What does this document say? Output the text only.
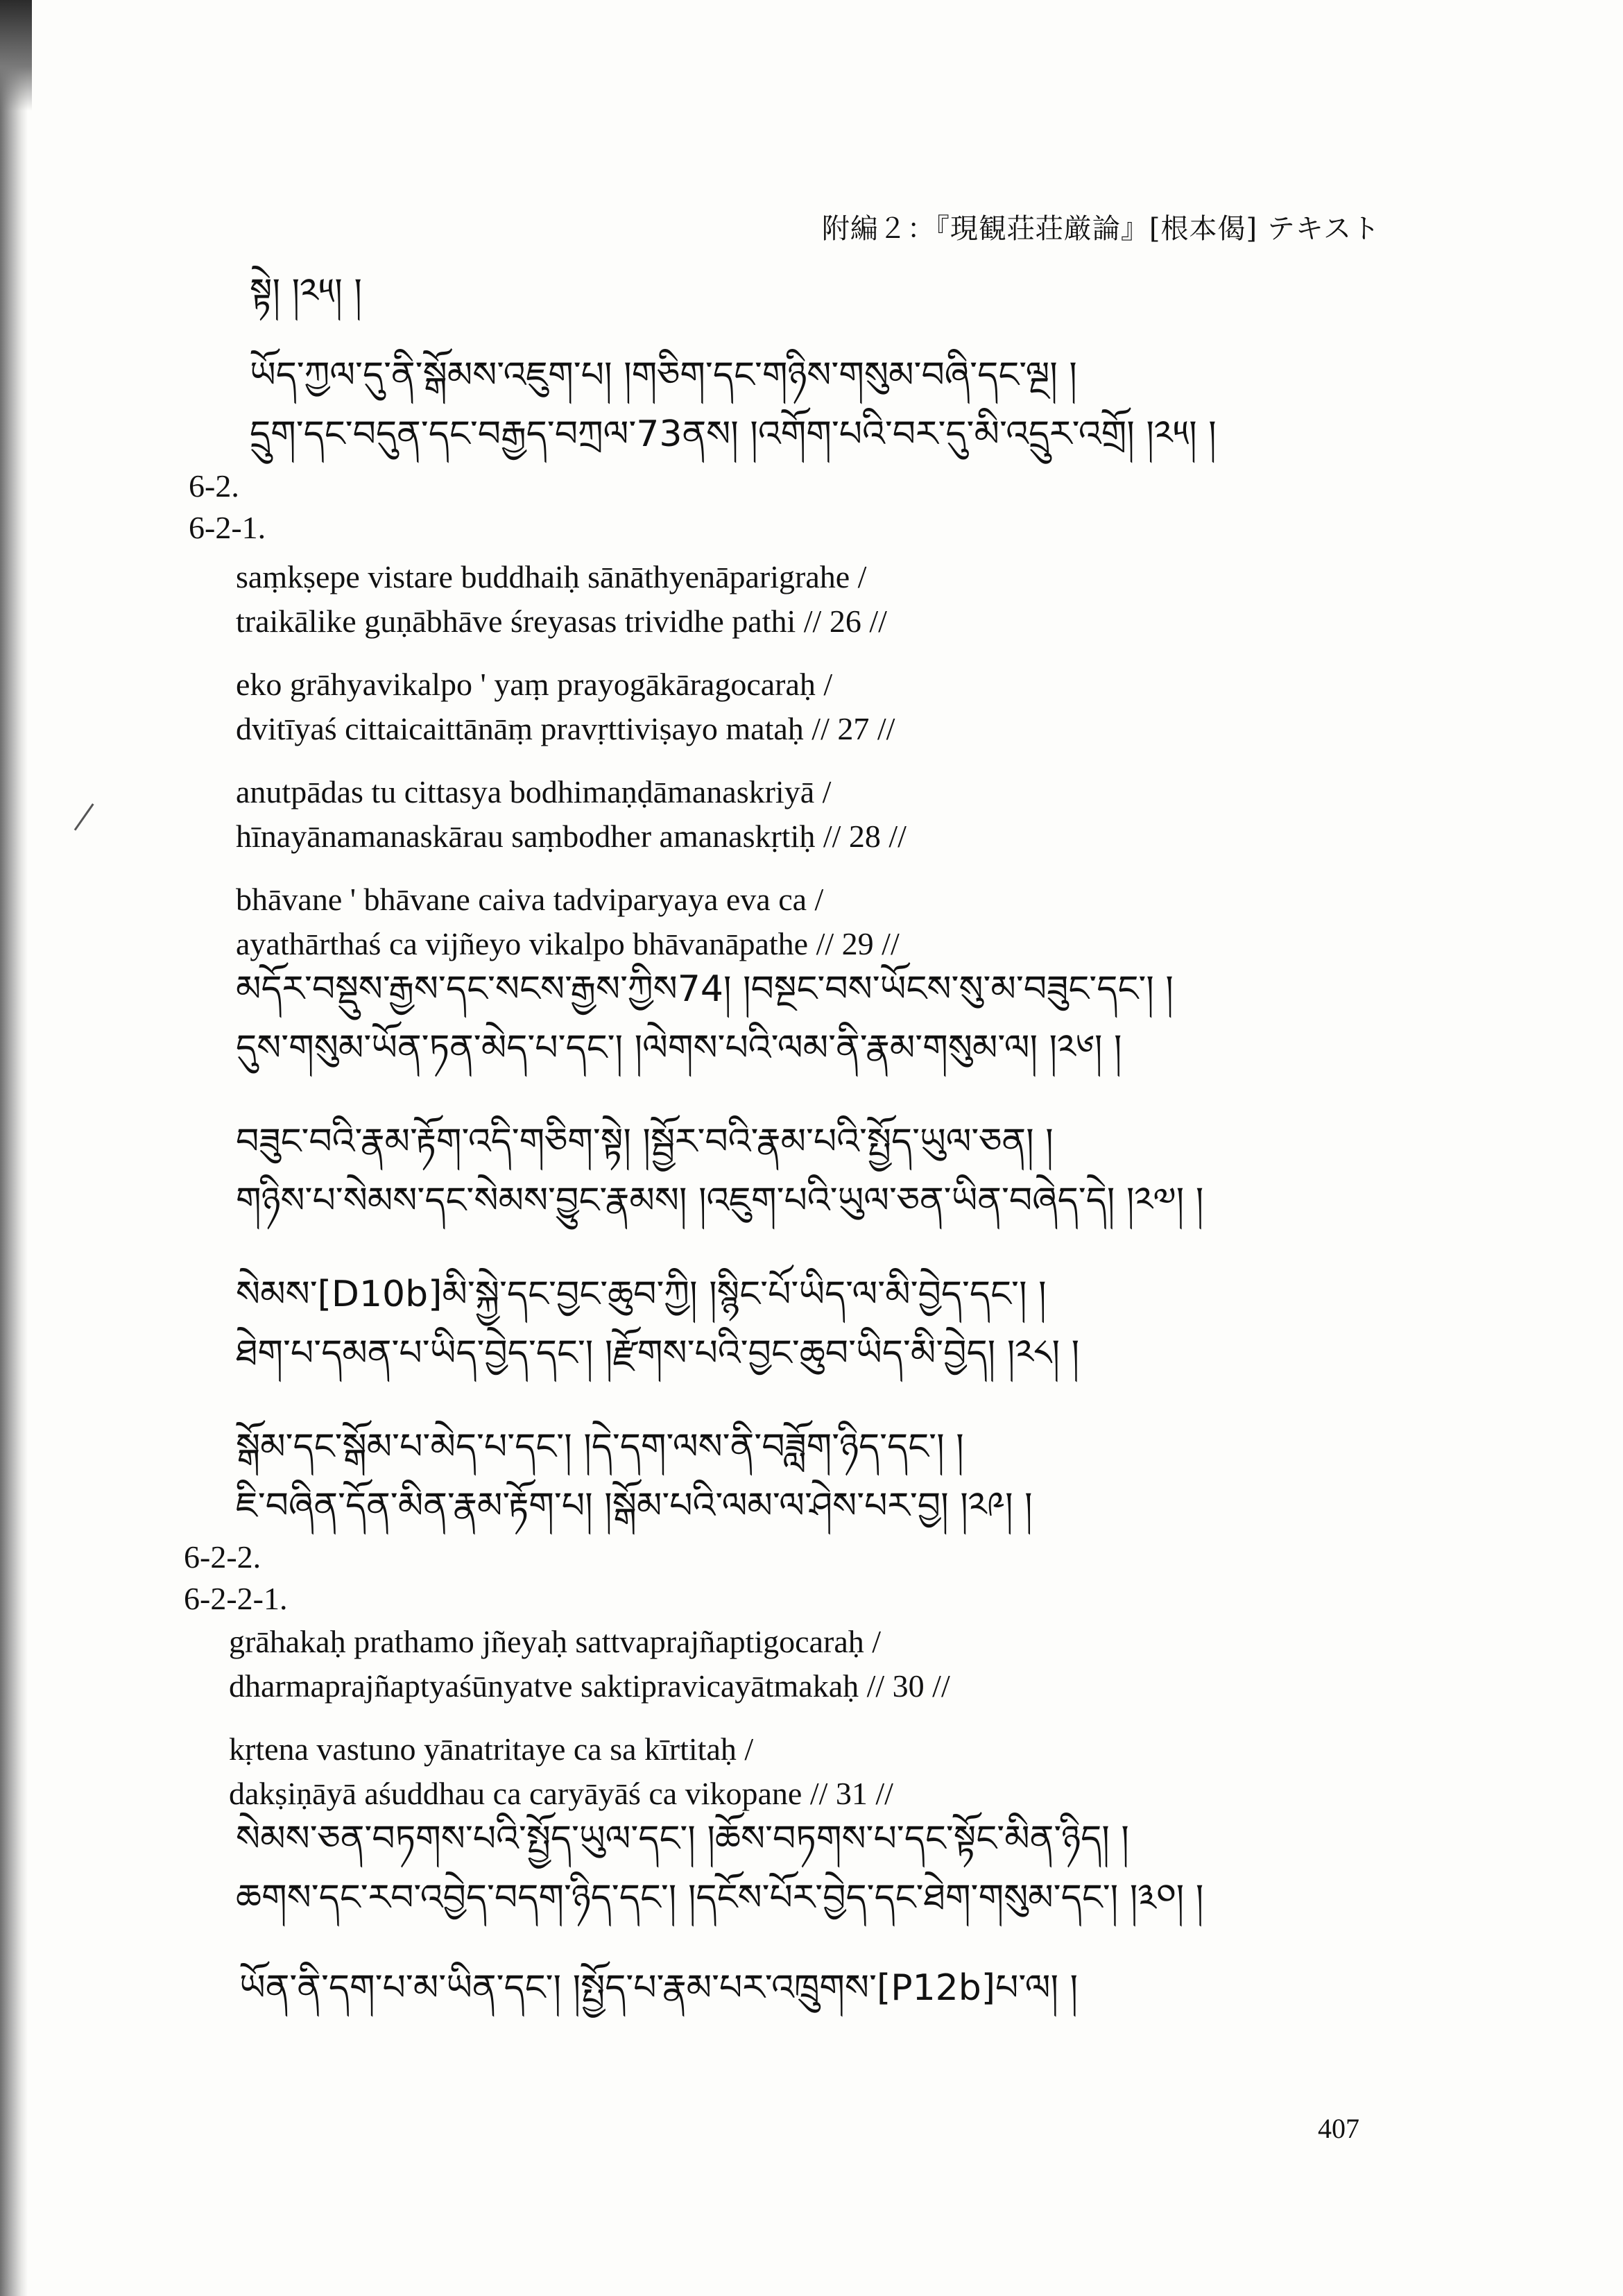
附編２：『現観荘荘厳論』[根本偈] テキスト
སྟེ། །༢༥། །
ཡོད་ཀྱལ་དུ་ནི་སྒོམས་འཇུག་པ། །གཅིག་དང་གཉིས་གསུམ་བཞི་དང་ལྔ། །
དྲུག་དང་བདུན་དང་བརྒྱད་བཀྲལ་73ནས། །འགོག་པའི་བར་དུ་མི་འདྲུར་འགྲོ། །༢༥། །
6-2.
6-2-1.
saṃkṣepe vistare buddhaiḥ sānāthyenāparigrahe /
traikālike guṇābhāve śreyasas trividhe pathi // 26 //
eko grāhyavikalpo ' yaṃ prayogākāragocaraḥ /
dvitīyaś cittaicaittānāṃ pravṛttiviṣayo mataḥ // 27 //
anutpādas tu cittasya bodhimaṇḍāmanaskriyā /
hīnayānamanaskārau saṃbodher amanaskṛtiḥ // 28 //
bhāvane ' bhāvane caiva tadviparyaya eva ca /
ayathārthaś ca vijñeyo vikalpo bhāvanāpathe // 29 //
མདོར་བསྡུས་རྒྱས་དང་སངས་རྒྱས་ཀྱིས74། །བསྔང་བས་ཡོངས་སུ་མ་བཟུང་དང་། །
དུས་གསུམ་ཡོན་ཏན་མེད་པ་དང་། །ལེགས་པའི་ལམ་ནི་རྣམ་གསུམ་ལ། །༢༦། །
བཟུང་བའི་རྣམ་རྟོག་འདི་གཅིག་སྟེ། །སྦྱོར་བའི་རྣམ་པའི་སྤྱོད་ཡུལ་ཅན། །
གཉིས་པ་སེམས་དང་སེམས་བྱུང་རྣམས། །འཇུག་པའི་ཡུལ་ཅན་ཡིན་བཞེད་དེ། །༢༧། །
སེམས་[D10b]མི་སྐྱེ་དང་བྱང་ཆུབ་ཀྱི། །སྙིང་པོ་ཡིད་ལ་མི་བྱེད་དང་། །
ཐེག་པ་དམན་པ་ཡིད་བྱེད་དང་། །རྫོགས་པའི་བྱང་ཆུབ་ཡིད་མི་བྱེད། །༢༨། །
སྒོམ་དང་སྒོམ་པ་མེད་པ་དང་། །དེ་དག་ལས་ནི་བཟློག་ཉིད་དང་། །
ཇི་བཞིན་དོན་མིན་རྣམ་རྟོག་པ། །སྒོམ་པའི་ལམ་ལ་ཤེས་པར་བྱ། །༢༩། །
6-2-2.
6-2-2-1.
grāhakaḥ prathamo jñeyaḥ sattvaprajñaptigocaraḥ /
dharmaprajñaptyaśūnyatve saktipravicayātmakaḥ // 30 //
kṛtena vastuno yānatritaye ca sa kīrtitaḥ /
dakṣiṇāyā aśuddhau ca caryāyāś ca vikopane // 31 //
སེམས་ཅན་བཏགས་པའི་སྤྱོད་ཡུལ་དང་། །ཆོས་བཏགས་པ་དང་སྟོང་མིན་ཉིད། །
ཆགས་དང་རབ་འབྱེད་བདག་ཉིད་དང་། །དངོས་པོར་བྱེད་དང་ཐེག་གསུམ་དང་། །༣༠། །
ཡོན་ནི་དག་པ་མ་ཡིན་དང་། །སྤྱོད་པ་རྣམ་པར་འཁྲུགས་[P12b]པ་ལ། །
407
